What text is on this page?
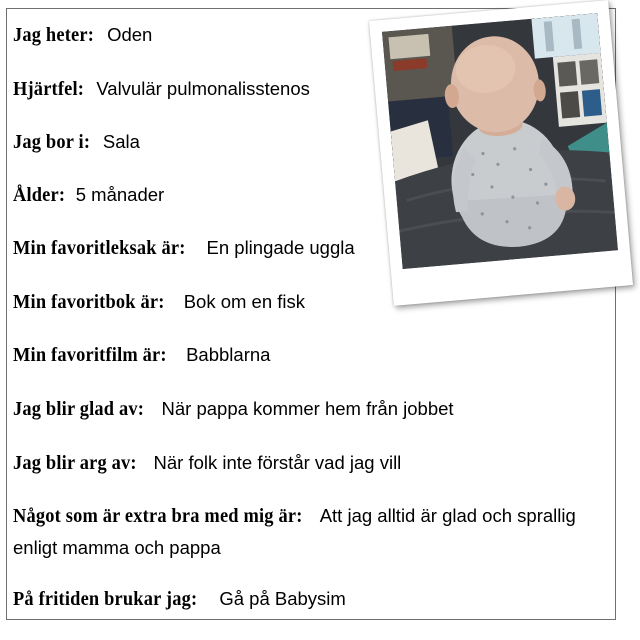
Jag heter: Oden
Hjärtfel: Valvulär pulmonalisstenos
Jag bor i: Sala
Ålder: 5 månader
Min favoritleksak är: En plingade uggla
Min favoritbok är: Bok om en fisk
Min favoritfilm är: Babblarna
Jag blir glad av: När pappa kommer hem från jobbet
Jag blir arg av: När folk inte förstår vad jag vill
Något som är extra bra med mig är: Att jag alltid är glad och sprallig enligt mamma och pappa
På fritiden brukar jag: Gå på Babysim
